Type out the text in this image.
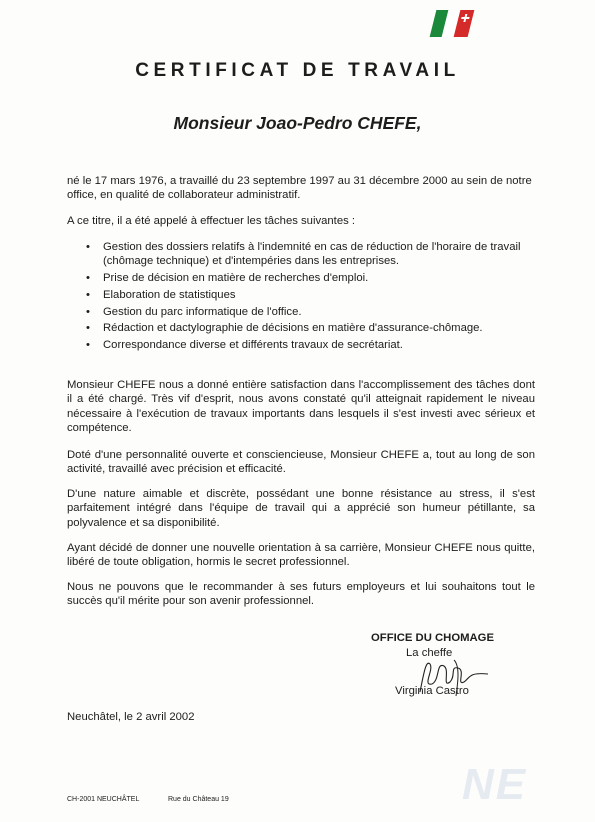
CERTIFICAT DE TRAVAIL
Monsieur Joao-Pedro CHEFE,
né le 17 mars 1976, a travaillé du 23 septembre 1997 au 31 décembre 2000 au sein de notre office, en qualité de collaborateur administratif.
A ce titre, il a été appelé à effectuer les tâches suivantes :
• Gestion des dossiers relatifs à l'indemnité en cas de réduction de l'horaire de travail (chômage technique) et d'intempéries dans les entreprises.
• Prise de décision en matière de recherches d'emploi.
• Elaboration de statistiques
• Gestion du parc informatique de l'office.
• Rédaction et dactylographie de décisions en matière d'assurance-chômage.
• Correspondance diverse et différents travaux de secrétariat.
Monsieur CHEFE nous a donné entière satisfaction dans l'accomplissement des tâches dont il a été chargé. Très vif d'esprit, nous avons constaté qu'il atteignait rapidement le niveau nécessaire à l'exécution de travaux importants dans lesquels il s'est investi avec sérieux et compétence.
Doté d'une personnalité ouverte et consciencieuse, Monsieur CHEFE a, tout au long de son activité, travaillé avec précision et efficacité.
D'une nature aimable et discrète, possédant une bonne résistance au stress, il s'est parfaitement intégré dans l'équipe de travail qui a apprécié son humeur pétillante, sa polyvalence et sa disponibilité.
Ayant décidé de donner une nouvelle orientation à sa carrière, Monsieur CHEFE nous quitte, libéré de toute obligation, hormis le secret professionnel.
Nous ne pouvons que le recommander à ses futurs employeurs et lui souhaitons tout le succès qu'il mérite pour son avenir professionnel.
OFFICE DU CHOMAGE
La cheffe
Virginia Castro
Neuchâtel, le 2 avril 2002
NE
CH-2001 NEUCHÂTEL	Rue du Château 19
